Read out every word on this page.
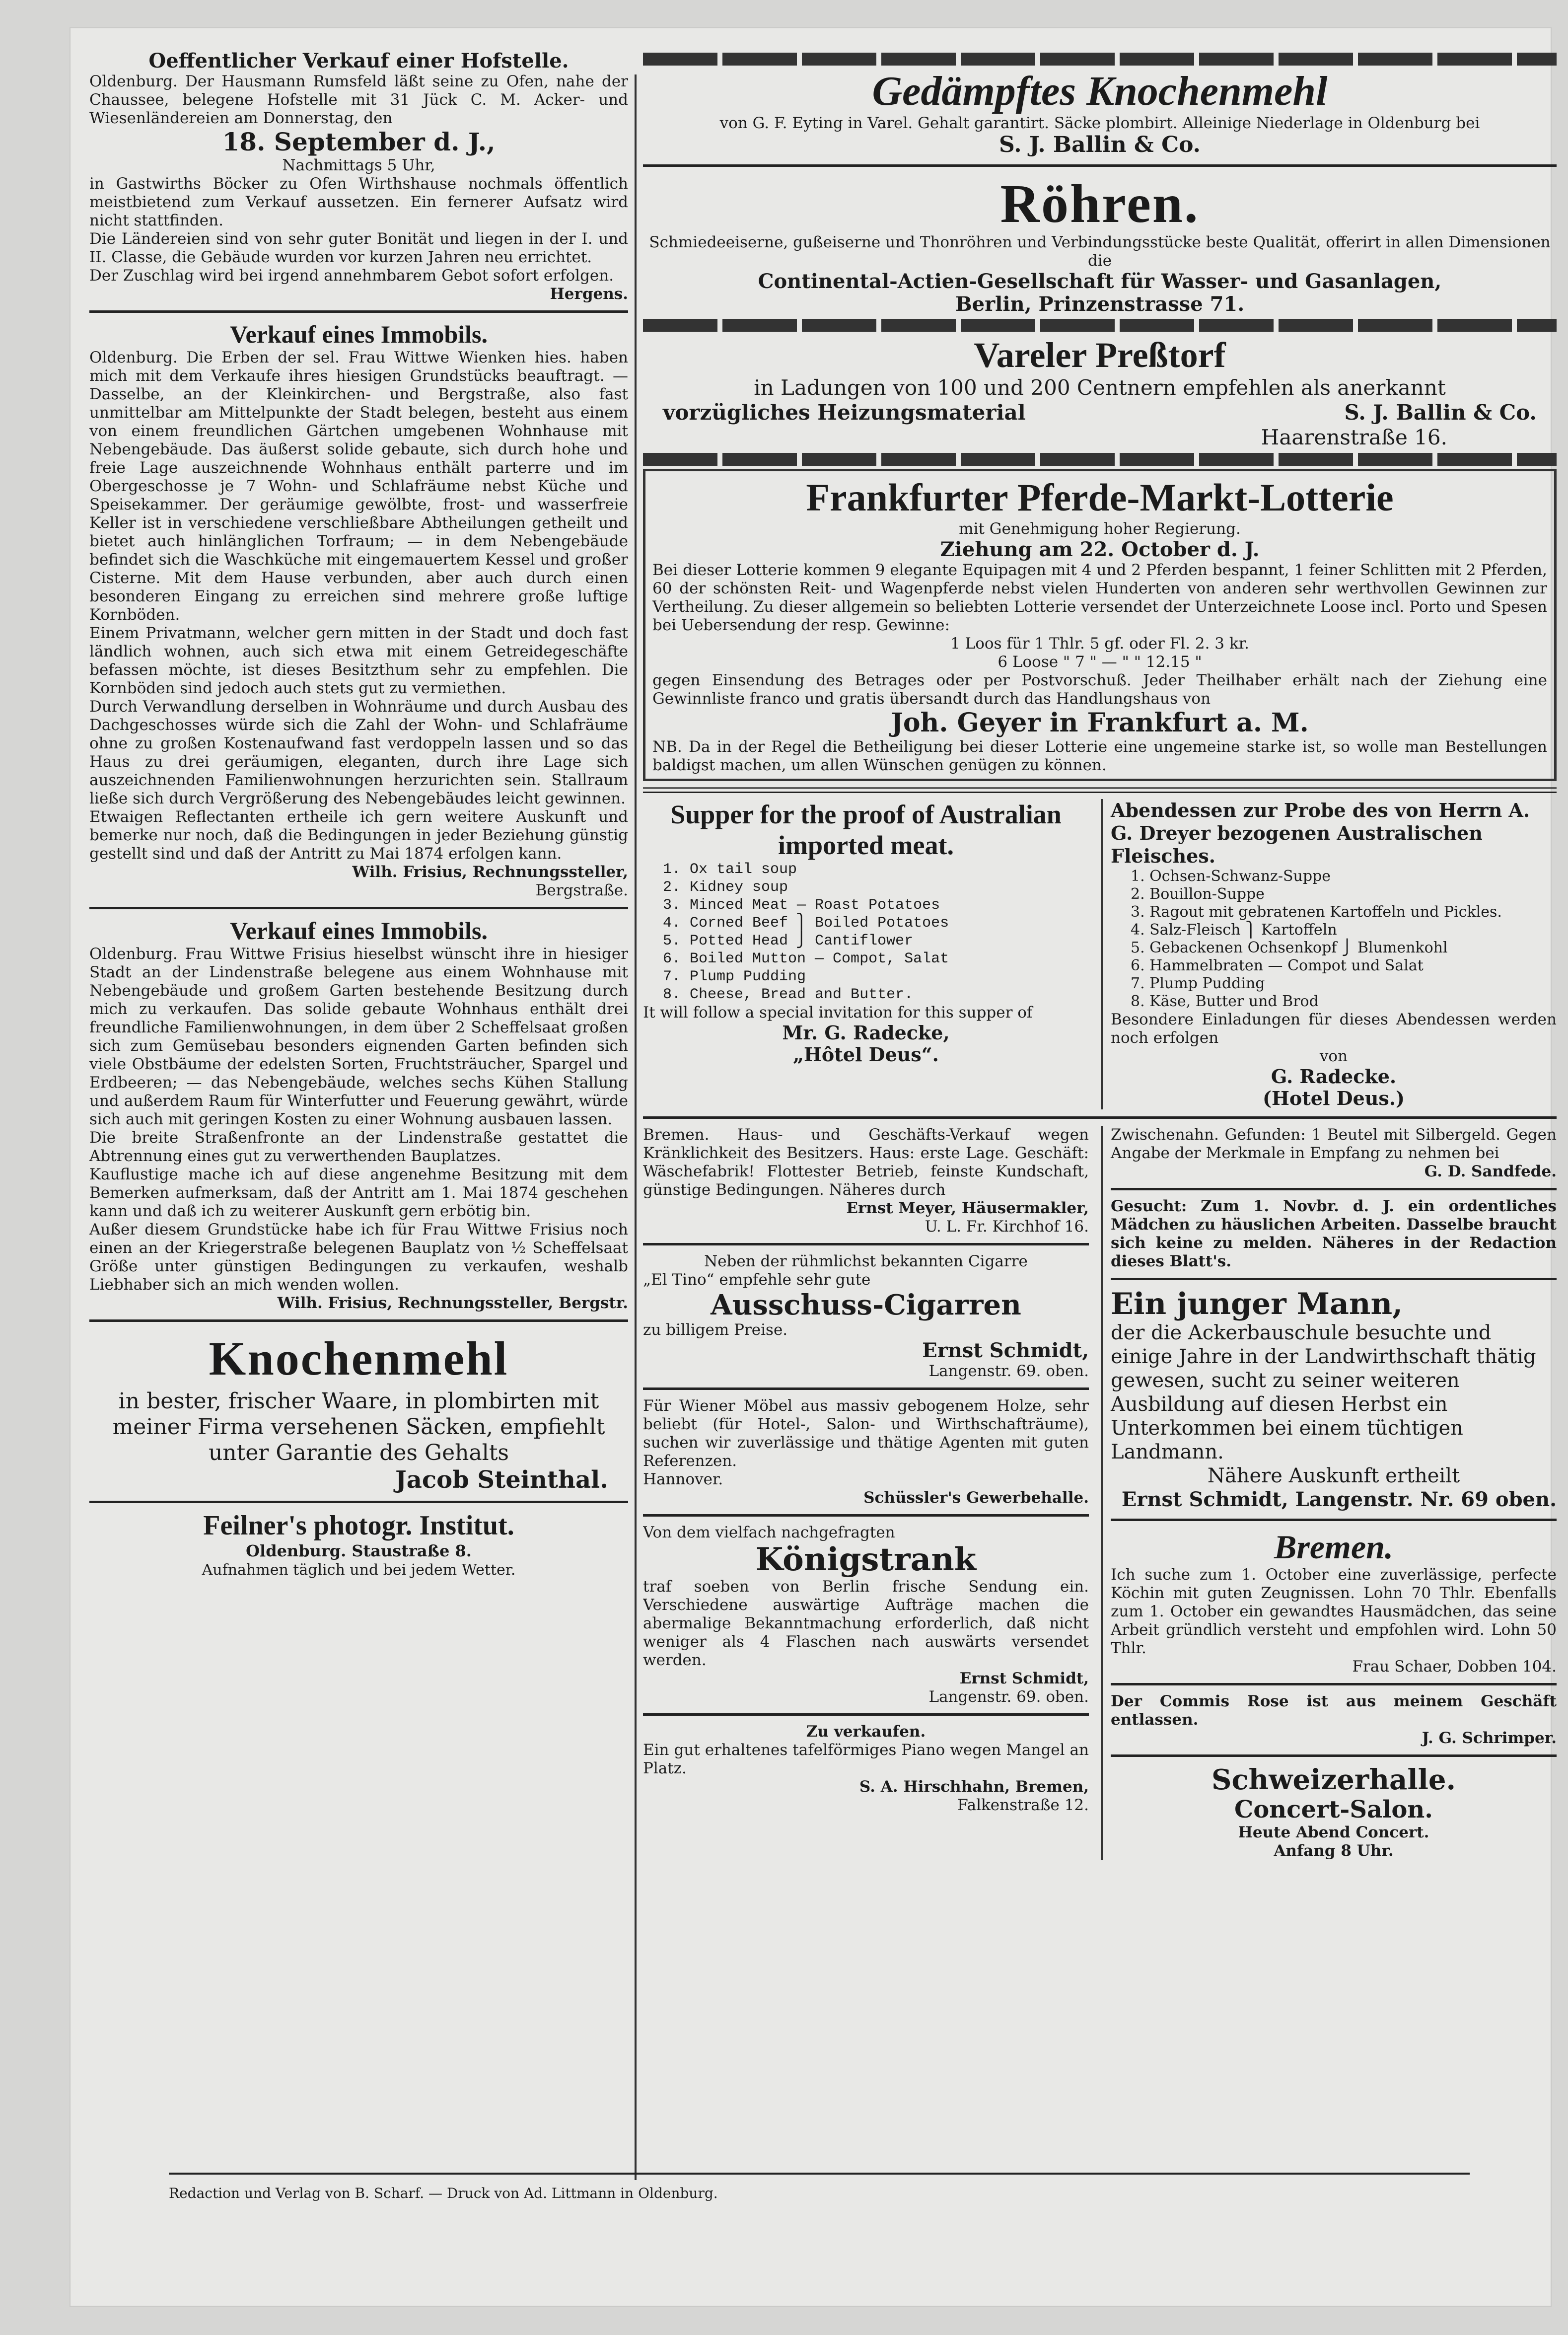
Oeffentlicher Verkauf einer Hofstelle.

Oldenburg. Der Hausmann Rumsfeld läßt seine zu Ofen, nahe der Chaussee, belegene Hofstelle mit 31 Jück C. M. Acker- und Wiesenländereien am Donnerstag, den

18. September d. J.,

Nachmittags 5 Uhr,

in Gastwirths Böcker zu Ofen Wirthshause nochmals öffentlich meistbietend zum Verkauf aussetzen. Ein fernerer Aufsatz wird nicht stattfinden.

Die Ländereien sind von sehr guter Bonität und liegen in der I. und II. Classe, die Gebäude wurden vor kurzen Jahren neu errichtet.

Der Zuschlag wird bei irgend annehmbarem Gebot sofort erfolgen.

Hergens.

Verkauf eines Immobils.

Oldenburg. Die Erben der sel. Frau Wittwe Wienken hies. haben mich mit dem Verkaufe ihres hiesigen Grundstücks beauftragt. — Dasselbe, an der Kleinkirchen- und Bergstraße, also fast unmittelbar am Mittelpunkte der Stadt belegen, besteht aus einem von einem freundlichen Gärtchen umgebenen Wohnhause mit Nebengebäude. Das äußerst solide gebaute, sich durch hohe und freie Lage auszeichnende Wohnhaus enthält parterre und im Obergeschosse je 7 Wohn- und Schlafräume nebst Küche und Speisekammer. Der geräumige gewölbte, frost- und wasserfreie Keller ist in verschiedene verschließbare Abtheilungen getheilt und bietet auch hinlänglichen Torfraum; — in dem Nebengebäude befindet sich die Waschküche mit eingemauertem Kessel und großer Cisterne. Mit dem Hause verbunden, aber auch durch einen besonderen Eingang zu erreichen sind mehrere große luftige Kornböden.

Einem Privatmann, welcher gern mitten in der Stadt und doch fast ländlich wohnen, auch sich etwa mit einem Getreidegeschäfte befassen möchte, ist dieses Besitzthum sehr zu empfehlen. Die Kornböden sind jedoch auch stets gut zu vermiethen.

Durch Verwandlung derselben in Wohnräume und durch Ausbau des Dachgeschosses würde sich die Zahl der Wohn- und Schlafräume ohne zu großen Kostenaufwand fast verdoppeln lassen und so das Haus zu drei geräumigen, eleganten, durch ihre Lage sich auszeichnenden Familienwohnungen herzurichten sein. Stallraum ließe sich durch Vergrößerung des Nebengebäudes leicht gewinnen.

Etwaigen Reflectanten ertheile ich gern weitere Auskunft und bemerke nur noch, daß die Bedingungen in jeder Beziehung günstig gestellt sind und daß der Antritt zu Mai 1874 erfolgen kann.

Wilh. Frisius, Rechnungssteller,

Bergstraße.

Verkauf eines Immobils.

Oldenburg. Frau Wittwe Frisius hieselbst wünscht ihre in hiesiger Stadt an der Lindenstraße belegene aus einem Wohnhause mit Nebengebäude und großem Garten bestehende Besitzung durch mich zu verkaufen. Das solide gebaute Wohnhaus enthält drei freundliche Familienwohnungen, in dem über 2 Scheffelsaat großen sich zum Gemüsebau besonders eignenden Garten befinden sich viele Obstbäume der edelsten Sorten, Fruchtsträucher, Spargel und Erdbeeren; — das Nebengebäude, welches sechs Kühen Stallung und außerdem Raum für Winterfutter und Feuerung gewährt, würde sich auch mit geringen Kosten zu einer Wohnung ausbauen lassen.

Die breite Straßenfronte an der Lindenstraße gestattet die Abtrennung eines gut zu verwerthenden Bauplatzes.

Kauflustige mache ich auf diese angenehme Besitzung mit dem Bemerken aufmerksam, daß der Antritt am 1. Mai 1874 geschehen kann und daß ich zu weiterer Auskunft gern erbötig bin.

Außer diesem Grundstücke habe ich für Frau Wittwe Frisius noch einen an der Kriegerstraße belegenen Bauplatz von ½ Scheffelsaat Größe unter günstigen Bedingungen zu verkaufen, weshalb Liebhaber sich an mich wenden wollen.

Wilh. Frisius, Rechnungssteller, Bergstr.

Knochenmehl

in bester, frischer Waare, in plombirten mit meiner Firma versehenen Säcken, empfiehlt unter Garantie des Gehalts

Jacob Steinthal.

Feilner's photogr. Institut.

Oldenburg. Staustraße 8.

Aufnahmen täglich und bei jedem Wetter.

Gedämpftes Knochenmehl

von G. F. Eyting in Varel. Gehalt garantirt. Säcke plombirt. Alleinige Niederlage in Oldenburg bei

S. J. Ballin & Co.

Röhren.

Schmiedeeiserne, gußeiserne und Thonröhren und Verbindungsstücke beste Qualität, offerirt in allen Dimensionen die

Continental-Actien-Gesellschaft für Wasser- und Gasanlagen,

Berlin, Prinzenstrasse 71.

Vareler Preßtorf

in Ladungen von 100 und 200 Centnern empfehlen als anerkannt

vorzügliches Heizungsmaterial	S. J. Ballin & Co.

Haarenstraße 16.

Frankfurter Pferde-Markt-Lotterie

mit Genehmigung hoher Regierung.

Ziehung am 22. October d. J.

Bei dieser Lotterie kommen 9 elegante Equipagen mit 4 und 2 Pferden bespannt, 1 feiner Schlitten mit 2 Pferden, 60 der schönsten Reit- und Wagenpferde nebst vielen Hunderten von anderen sehr werthvollen Gewinnen zur Vertheilung. Zu dieser allgemein so beliebten Lotterie versendet der Unterzeichnete Loose incl. Porto und Spesen bei Uebersendung der resp. Gewinne:

1 Loos für 1 Thlr. 5 gf. oder Fl. 2. 3 kr.

6 Loose " 7 " — " " 12.15 "

gegen Einsendung des Betrages oder per Postvorschuß. Jeder Theilhaber erhält nach der Ziehung eine Gewinnliste franco und gratis übersandt durch das Handlungshaus von

Joh. Geyer in Frankfurt a. M.

NB. Da in der Regel die Betheiligung bei dieser Lotterie eine ungemeine starke ist, so wolle man Bestellungen baldigst machen, um allen Wünschen genügen zu können.

Supper for the proof of Australian imported meat.

1. Ox tail soup
2. Kidney soup
3. Minced Meat — Roast Potatoes
4. Corned Beef ⎫ Boiled Potatoes
5. Potted Head ⎭ Cantiflower
6. Boiled Mutton — Compot, Salat
7. Plump Pudding
8. Cheese, Bread and Butter.

It will follow a special invitation for this supper of

Mr. G. Radecke,

„Hôtel Deus“.

Abendessen zur Probe des von Herrn A. G. Dreyer bezogenen Australischen Fleisches.

1. Ochsen-Schwanz-Suppe
2. Bouillon-Suppe
3. Ragout mit gebratenen Kartoffeln und Pickles.
4. Salz-Fleisch ⎫ Kartoffeln
5. Gebackenen Ochsenkopf ⎭ Blumenkohl
6. Hammelbraten — Compot und Salat
7. Plump Pudding
8. Käse, Butter und Brod

Besondere Einladungen für dieses Abendessen werden noch erfolgen

von

G. Radecke.

(Hotel Deus.)

Bremen. Haus- und Geschäfts-Verkauf wegen Kränklichkeit des Besitzers. Haus: erste Lage. Geschäft: Wäschefabrik! Flottester Betrieb, feinste Kundschaft, günstige Bedingungen. Näheres durch

Ernst Meyer, Häusermakler,

U. L. Fr. Kirchhof 16.

Neben der rühmlichst bekannten Cigarre

„El Tino“ empfehle sehr gute

Ausschuss-Cigarren

zu billigem Preise.

Ernst Schmidt,

Langenstr. 69. oben.

Für Wiener Möbel aus massiv gebogenem Holze, sehr beliebt (für Hotel-, Salon- und Wirthschafträume), suchen wir zuverlässige und thätige Agenten mit guten Referenzen.

Hannover.

Schüssler's Gewerbehalle.

Von dem vielfach nachgefragten

Königstrank

traf soeben von Berlin frische Sendung ein. Verschiedene auswärtige Aufträge machen die abermalige Bekanntmachung erforderlich, daß nicht weniger als 4 Flaschen nach auswärts versendet werden.

Ernst Schmidt,

Langenstr. 69. oben.

Zu verkaufen.

Ein gut erhaltenes tafelförmiges Piano wegen Mangel an Platz.

S. A. Hirschhahn, Bremen,

Falkenstraße 12.

Zwischenahn. Gefunden: 1 Beutel mit Silbergeld. Gegen Angabe der Merkmale in Empfang zu nehmen bei

G. D. Sandfede.

Gesucht: Zum 1. Novbr. d. J. ein ordentliches Mädchen zu häuslichen Arbeiten. Dasselbe braucht sich keine zu melden. Näheres in der Redaction dieses Blatt's.

Ein junger Mann,

der die Ackerbauschule besuchte und einige Jahre in der Landwirthschaft thätig gewesen, sucht zu seiner weiteren Ausbildung auf diesen Herbst ein Unterkommen bei einem tüchtigen Landmann.

Nähere Auskunft ertheilt

Ernst Schmidt, Langenstr. Nr. 69 oben.

Bremen.

Ich suche zum 1. October eine zuverlässige, perfecte Köchin mit guten Zeugnissen. Lohn 70 Thlr. Ebenfalls zum 1. October ein gewandtes Hausmädchen, das seine Arbeit gründlich versteht und empfohlen wird. Lohn 50 Thlr.

Frau Schaer, Dobben 104.

Der Commis Rose ist aus meinem Geschäft entlassen.

J. G. Schrimper.

Schweizerhalle.

Concert-Salon.

Heute Abend Concert.

Anfang 8 Uhr.

Redaction und Verlag von B. Scharf. — Druck von Ad. Littmann in Oldenburg.
